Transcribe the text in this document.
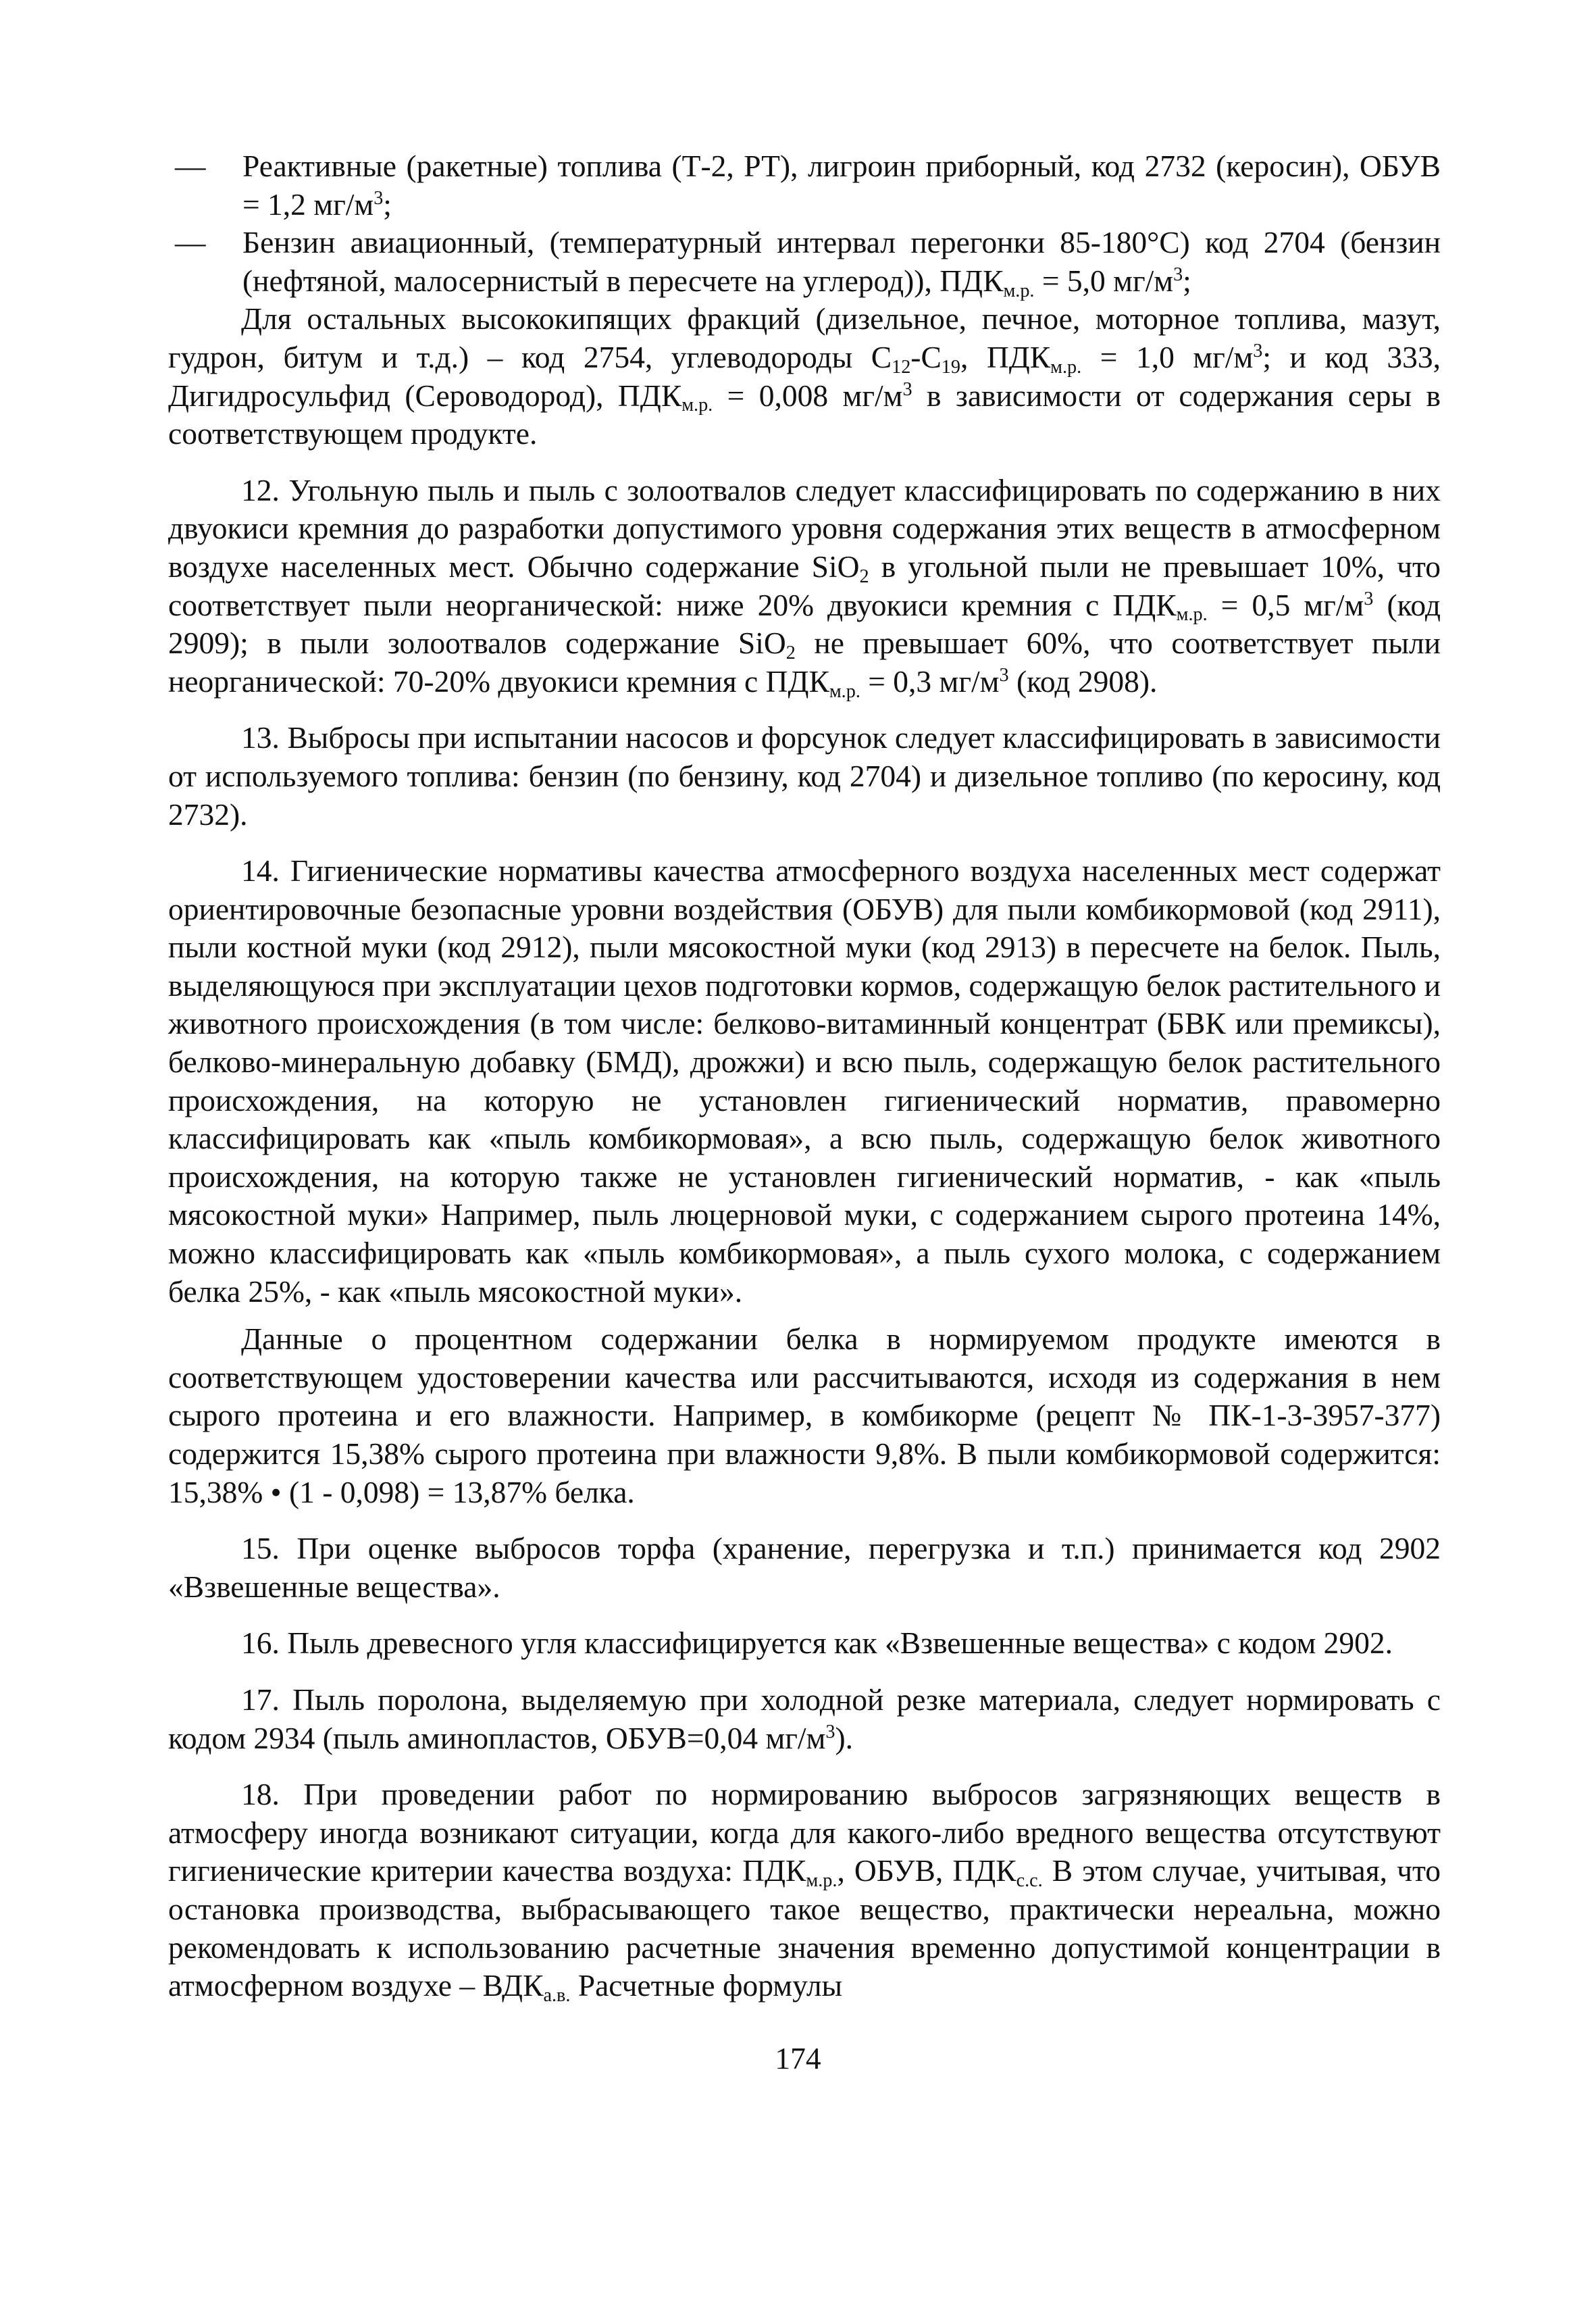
— Реактивные (ракетные) топлива (Т-2, РТ), лигроин приборный, код 2732 (керосин), ОБУВ = 1,2 $мг/м^3$;

— Бензин авиационный, (температурный интервал перегонки 85-180°С) код 2704 (бензин (нефтяной, малосернистый в пересчете на углерод)), $ПДК_{м.р.} = 5,0$ $мг/м^3$;

Для остальных высококипящих фракций (дизельное, печное, моторное топлива, мазут, гудрон, битум и т.д.) – код 2754, углеводороды $С_{12}-С_{19}$, $ПДК_{м.р.} = 1,0$ $мг/м^3$; и код 333, Дигидросульфид (Сероводород), $ПДК_{м.р.} = 0,008$ $мг/м^3$ в зависимости от содержания серы в соответствующем продукте.

12. Угольную пыль и пыль с золоотвалов следует классифицировать по содержанию в них двуокиси кремния до разработки допустимого уровня содержания этих веществ в атмосферном воздухе населенных мест. Обычно содержание SiO$_2$ в угольной пыли не превышает 10%, что соответствует пыли неорганической: ниже 20% двуокиси кремния с $ПДК_{м.р.} = 0,5$ $мг/м^3$ (код 2909); в пыли золоотвалов содержание SiO$_2$ не превышает 60%, что соответствует пыли неорганической: 70-20% двуокиси кремния с $ПДК_{м.р.} = 0,3$ $мг/м^3$ (код 2908).

13. Выбросы при испытании насосов и форсунок следует классифицировать в зависимости от используемого топлива: бензин (по бензину, код 2704) и дизельное топливо (по керосину, код 2732).

14. Гигиенические нормативы качества атмосферного воздуха населенных мест содержат ориентировочные безопасные уровни воздействия (ОБУВ) для пыли комбикормовой (код 2911), пыли костной муки (код 2912), пыли мясокостной муки (код 2913) в пересчете на белок. Пыль, выделяющуюся при эксплуатации цехов подготовки кормов, содержащую белок растительного и животного происхождения (в том числе: белково-витаминный концентрат (БВК или премиксы), белково-минеральную добавку (БМД), дрожжи) и всю пыль, содержащую белок растительного происхождения, на которую не установлен гигиенический норматив, правомерно классифицировать как «пыль комбикормовая», а всю пыль, содержащую белок животного происхождения, на которую также не установлен гигиенический норматив, - как «пыль мясокостной муки» Например, пыль люцерновой муки, с содержанием сырого протеина 14%, можно классифицировать как «пыль комбикормовая», а пыль сухого молока, с содержанием белка 25%, - как «пыль мясокостной муки».

Данные о процентном содержании белка в нормируемом продукте имеются в соответствующем удостоверении качества или рассчитываются, исходя из содержания в нем сырого протеина и его влажности. Например, в комбикорме (рецепт № ПК-1-3-3957-377) содержится 15,38% сырого протеина при влажности 9,8%. В пыли комбикормовой содержится: 15,38% • (1 - 0,098) = 13,87% белка.

15. При оценке выбросов торфа (хранение, перегрузка и т.п.) принимается код 2902 «Взвешенные вещества».

16. Пыль древесного угля классифицируется как «Взвешенные вещества» с кодом 2902.

17. Пыль поролона, выделяемую при холодной резке материала, следует нормировать с кодом 2934 (пыль аминопластов, ОБУВ=0,04 $мг/м^3$).

18. При проведении работ по нормированию выбросов загрязняющих веществ в атмосферу иногда возникают ситуации, когда для какого-либо вредного вещества отсутствуют гигиенические критерии качества воздуха: $ПДК_{м.р.}$, ОБУВ, $ПДК_{с.с.}$ В этом случае, учитывая, что остановка производства, выбрасывающего такое вещество, практически нереальна, можно рекомендовать к использованию расчетные значения временно допустимой концентрации в атмосферном воздухе – $ВДК_{а.в.}$ Расчетные формулы

174
